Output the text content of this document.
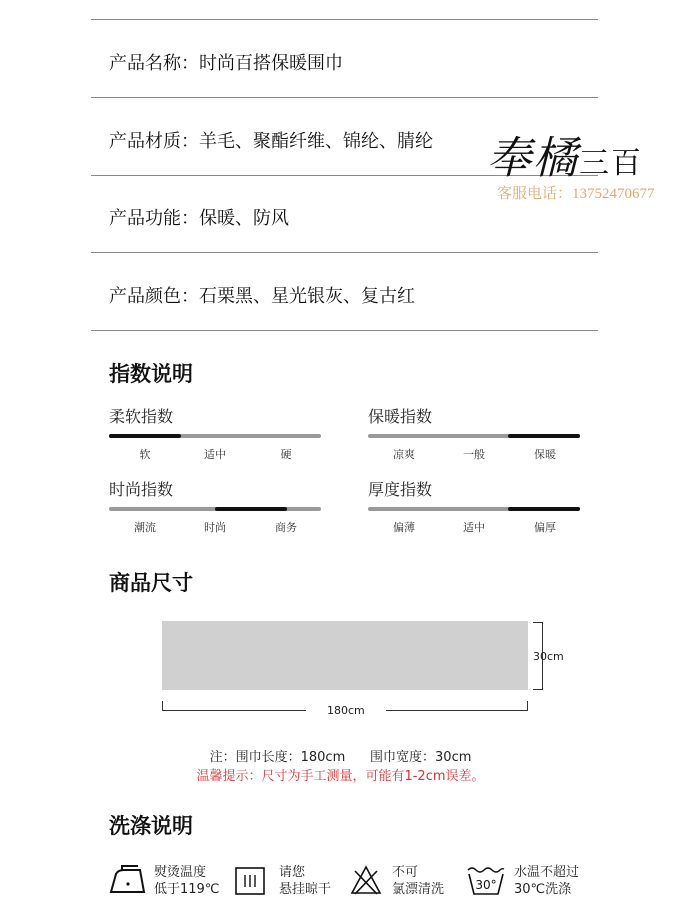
产品名称：时尚百搭保暖围巾
产品材质：羊毛、聚酯纤维、锦纶、腈纶
产品功能：保暖、防风
产品颜色：石栗黑、星光银灰、复古红
奉橘三百
客服电话：13752470677
指数说明
柔软指数
软	适中	硬
保暖指数
凉爽	一般	保暖
时尚指数
潮流	时尚	商务
厚度指数
偏薄	适中	偏厚
商品尺寸
30cm
180cm
注：围巾长度：180cm      围巾宽度：30cm
温馨提示：尺寸为手工测量，可能有1-2cm误差。
洗涤说明
熨烫温度
低于119℃
请您
悬挂晾干
不可
氯漂清洗	30°
水温不超过
30℃洗涤
